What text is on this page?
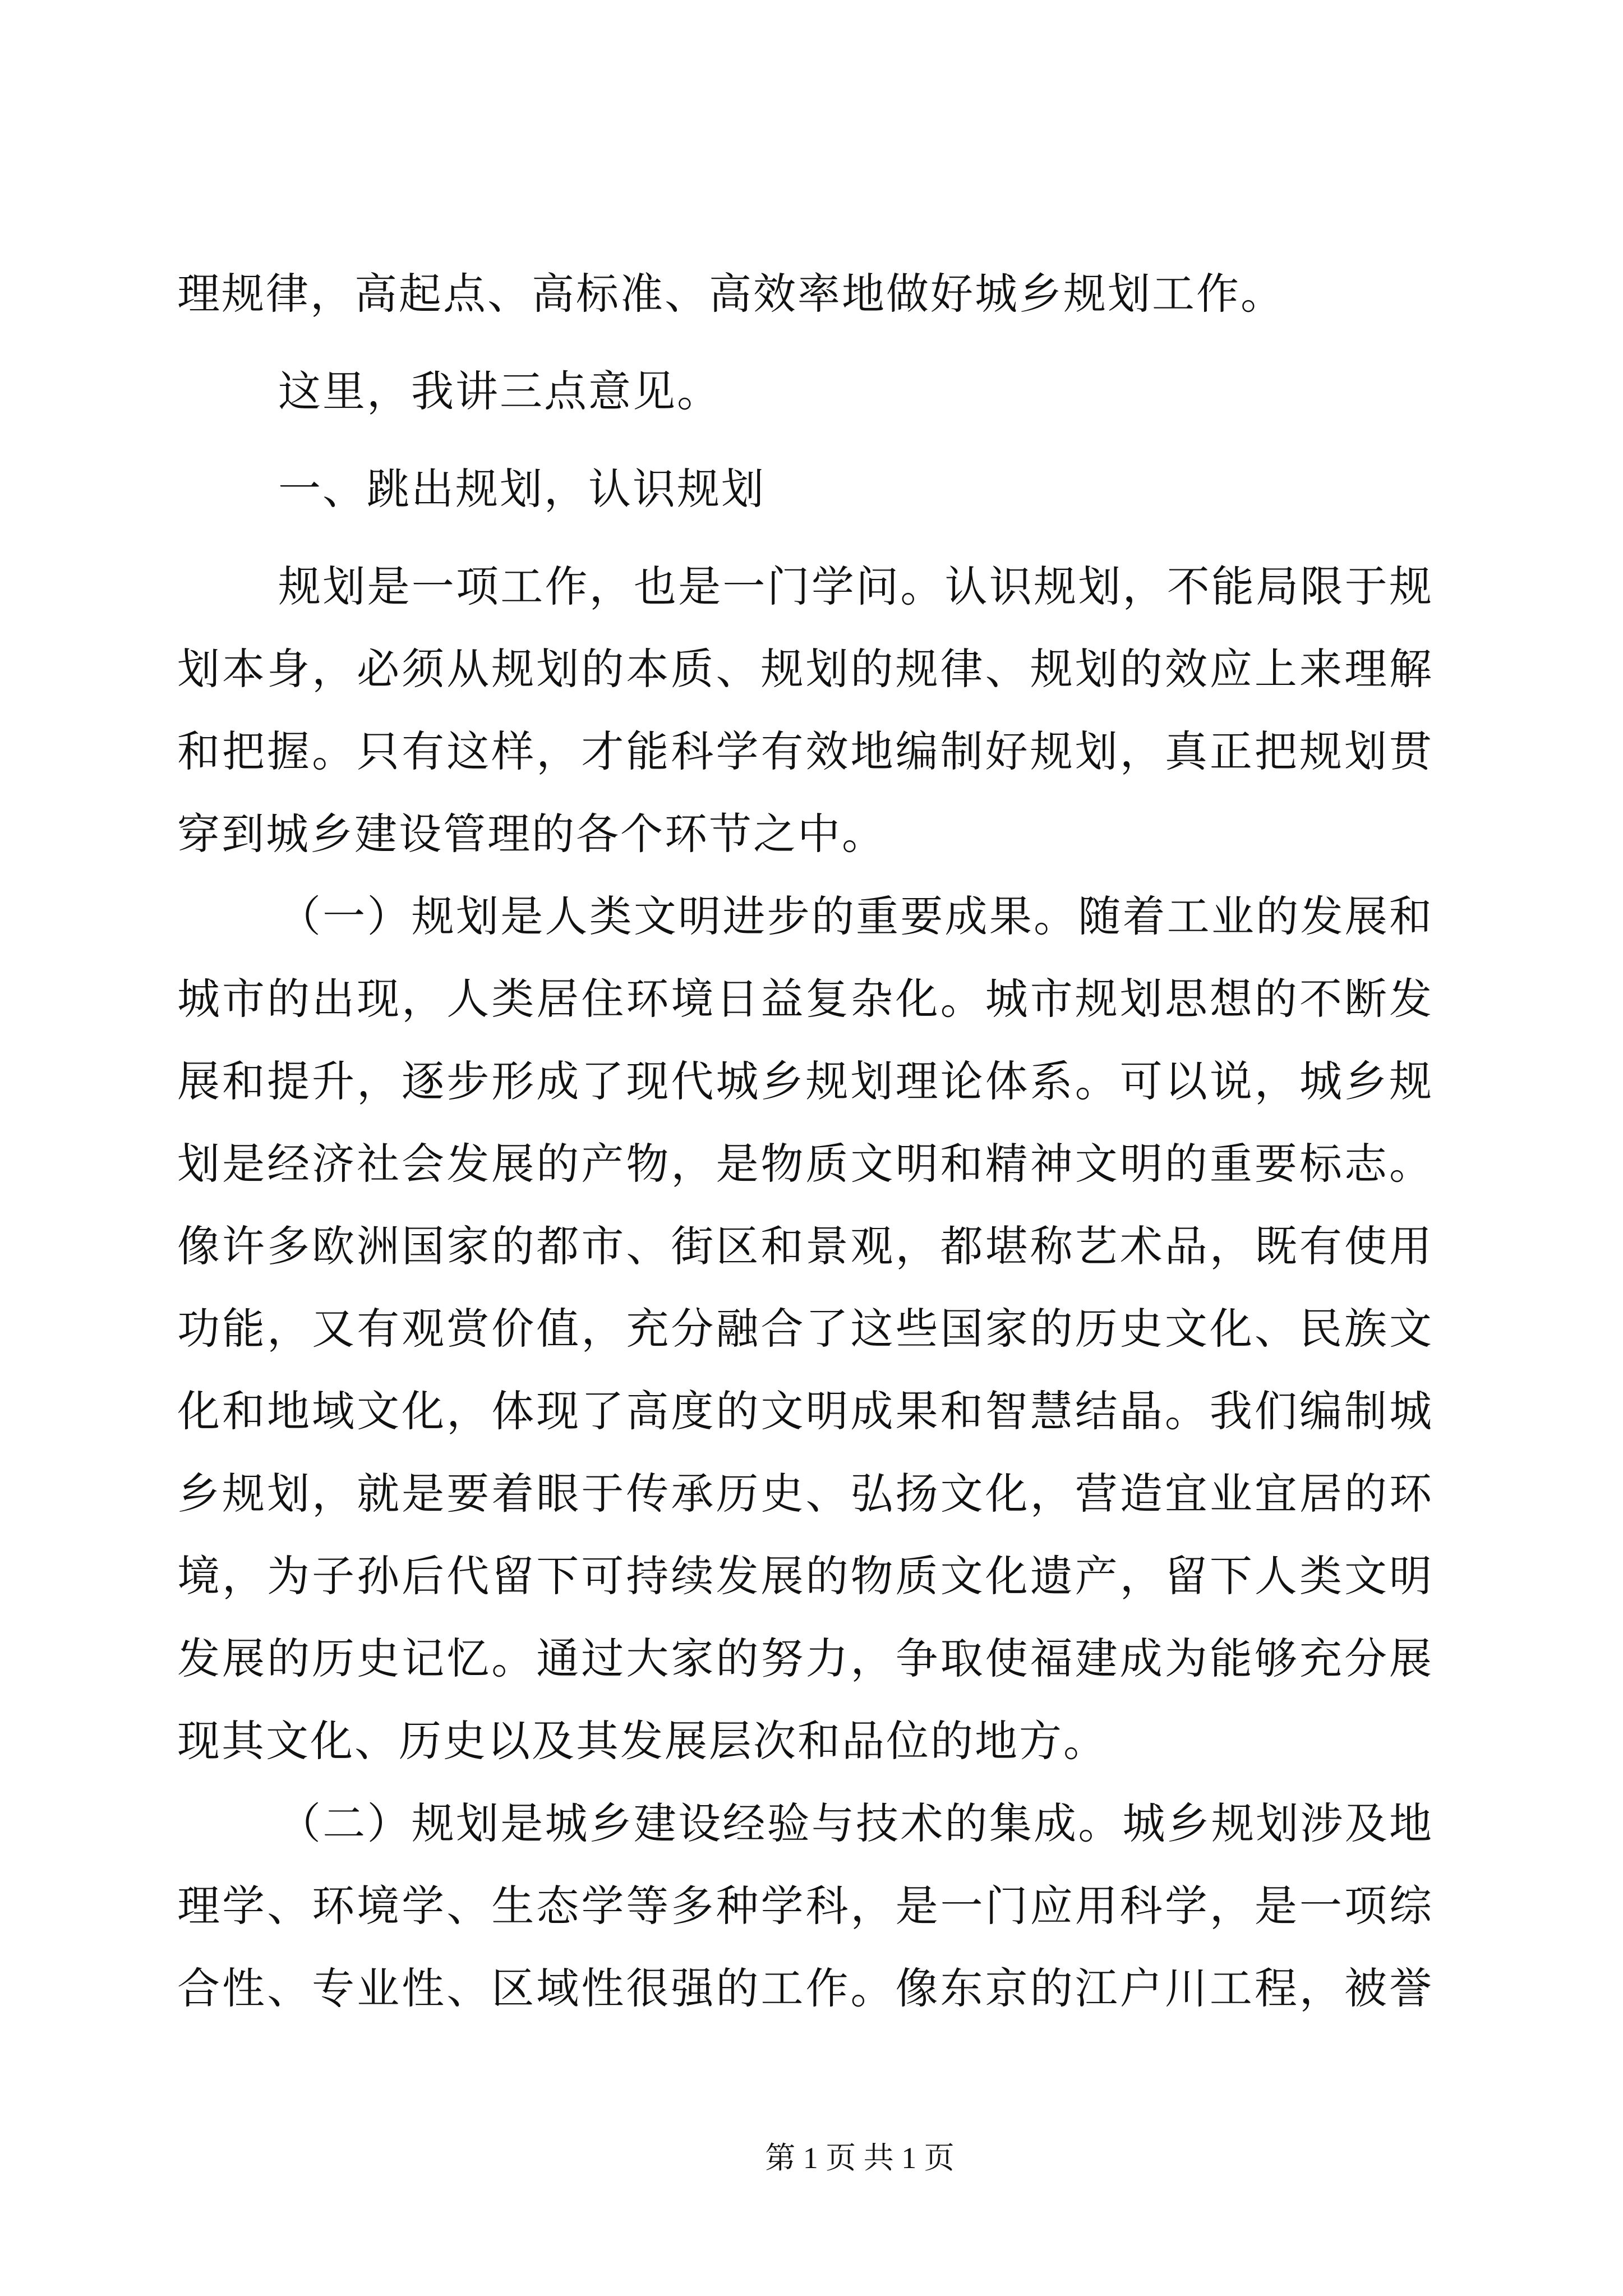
理规律，高起点、高标准、高效率地做好城乡规划工作。

这里，我讲三点意见。

一、跳出规划，认识规划

规划是一项工作，也是一门学问。认识规划，不能局限于规
划本身，必须从规划的本质、规划的规律、规划的效应上来理解
和把握。只有这样，才能科学有效地编制好规划，真正把规划贯
穿到城乡建设管理的各个环节之中。

（一）规划是人类文明进步的重要成果。随着工业的发展和
城市的出现，人类居住环境日益复杂化。城市规划思想的不断发
展和提升，逐步形成了现代城乡规划理论体系。可以说，城乡规
划是经济社会发展的产物，是物质文明和精神文明的重要标志。
像许多欧洲国家的都市、街区和景观，都堪称艺术品，既有使用
功能，又有观赏价值，充分融合了这些国家的历史文化、民族文
化和地域文化，体现了高度的文明成果和智慧结晶。我们编制城
乡规划，就是要着眼于传承历史、弘扬文化，营造宜业宜居的环
境，为子孙后代留下可持续发展的物质文化遗产，留下人类文明
发展的历史记忆。通过大家的努力，争取使福建成为能够充分展
现其文化、历史以及其发展层次和品位的地方。

（二）规划是城乡建设经验与技术的集成。城乡规划涉及地
理学、环境学、生态学等多种学科，是一门应用科学，是一项综
合性、专业性、区域性很强的工作。像东京的江户川工程，被誉

第 1 页 共 1 页
